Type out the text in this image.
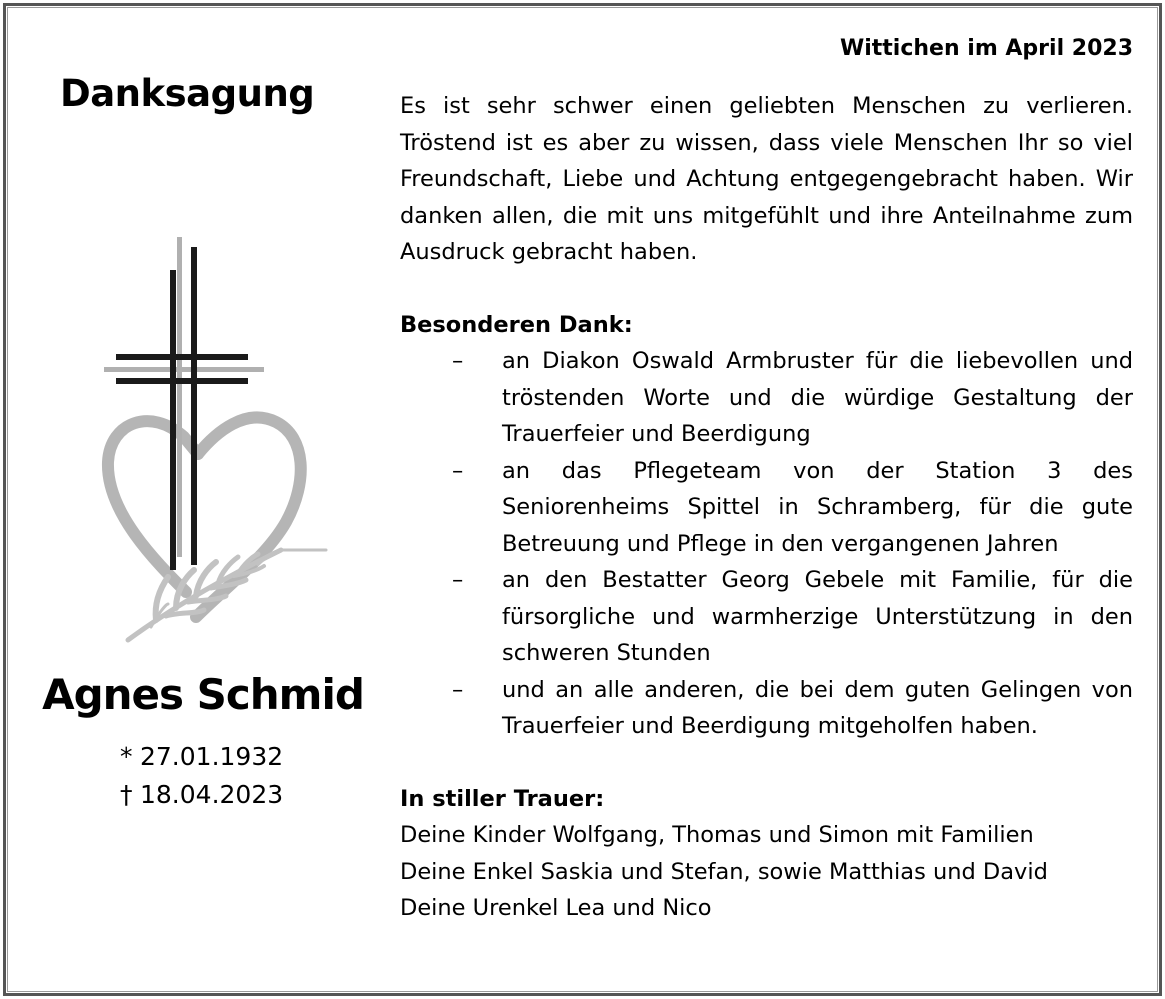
Wittichen im April 2023
Danksagung
Agnes Schmid
* 27.01.1932
† 18.04.2023

Es ist sehr schwer einen geliebten Menschen zu verlieren. Tröstend ist es aber zu wissen, dass viele Menschen Ihr so viel Freundschaft, Liebe und Achtung entgegengebracht haben. Wir danken allen, die mit uns mitgefühlt und ihre Anteilnahme zum Ausdruck gebracht haben.

Besonderen Dank:
–	an Diakon Oswald Armbruster für die liebevollen und tröstenden Worte und die würdige Gestaltung der Trauerfeier und Beerdigung
–	an das Pflegeteam von der Station 3 des Seniorenheims Spittel in Schramberg, für die gute Betreuung und Pflege in den vergangenen Jahren
–	an den Bestatter Georg Gebele mit Familie, für die fürsorgliche und warmherzige Unterstützung in den schweren Stunden
–	und an alle anderen, die bei dem guten Gelingen von Trauerfeier und Beerdigung mitgeholfen haben.
In stiller Trauer:
Deine Kinder Wolfgang, Thomas und Simon mit Familien
Deine Enkel Saskia und Stefan, sowie Matthias und David
Deine Urenkel Lea und Nico
